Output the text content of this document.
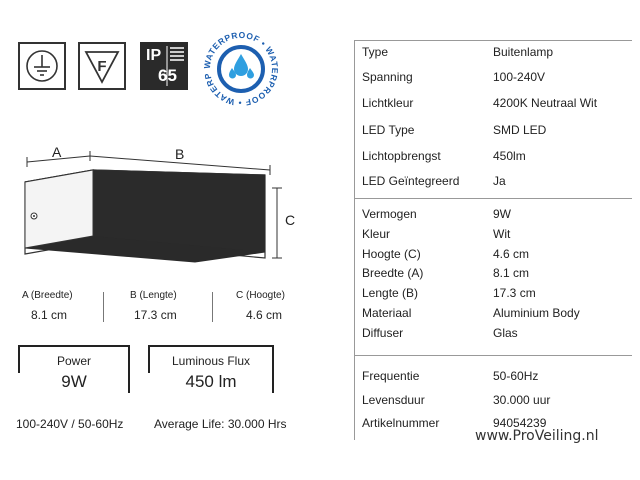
F
IP
65
WATERPROOF • WATERPROOF • WATERP
A	B
C
A (Breedte)	B (Lengte)	C (Hoogte)
8.1 cm	17.3 cm	4.6 cm
Power
9W
Luminous Flux
450 lm
100-240V / 50-60Hz	Average Life: 30.000 Hrs
Type	Buitenlamp
Spanning	100-240V
Lichtkleur	4200K Neutraal Wit
LED Type	SMD LED
Lichtopbrengst	450lm
LED Geïntegreerd	Ja
Vermogen	9W
Kleur	Wit
Hoogte (C)	4.6 cm
Breedte (A)	8.1 cm
Lengte (B)	17.3 cm
Materiaal	Aluminium Body
Diffuser	Glas
Frequentie	50-60Hz
Levensduur	30.000 uur
Artikelnummer	94054239
www.ProVeiling.nl
